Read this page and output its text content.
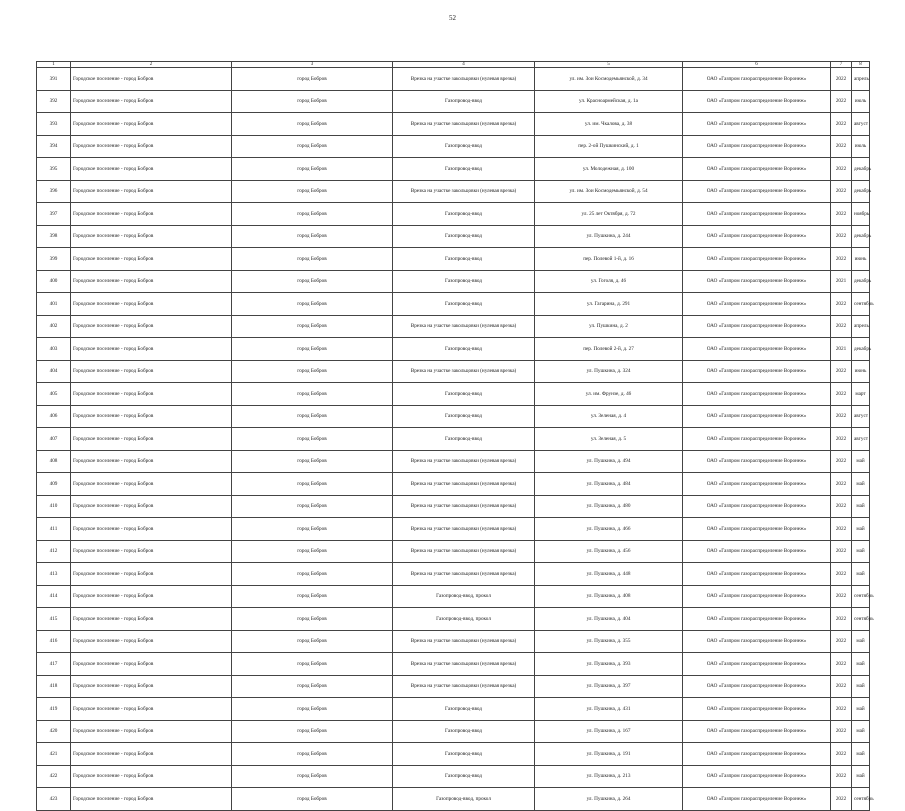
52
1	2	3	4	5	6	7	8
391	Городское поселение - город Бобров	город Бобров	Врезка на участке закольцовки (нулевая врезка)	ул. им. Зои Космодемьянской, д. 34	ОАО «Газпром газораспределение Воронеж»	2022	апрель
392	Городское поселение - город Бобров	город Бобров	Газопровод-ввод	ул. Красноармейская, д. 1а	ОАО «Газпром газораспределение Воронеж»	2022	июль
393	Городское поселение - город Бобров	город Бобров	Врезка на участке закольцовки (нулевая врезка)	ул. им. Чкалова, д. 38	ОАО «Газпром газораспределение Воронеж»	2022	август
394	Городское поселение - город Бобров	город Бобров	Газопровод-ввод	пер. 2-ой Пушкинский, д. 1	ОАО «Газпром газораспределение Воронеж»	2022	июль
395	Городское поселение - город Бобров	город Бобров	Газопровод-ввод	ул. Молодежная, д. 100	ОАО «Газпром газораспределение Воронеж»	2022	декабрь
396	Городское поселение - город Бобров	город Бобров	Врезка на участке закольцовки (нулевая врезка)	ул. им. Зои Космодемьянской, д. 54	ОАО «Газпром газораспределение Воронеж»	2022	декабрь
397	Городское поселение - город Бобров	город Бобров	Газопровод-ввод	ул. 25 лет Октября, д. 72	ОАО «Газпром газораспределение Воронеж»	2022	ноябрь
398	Городское поселение - город Бобров	город Бобров	Газопровод-ввод	ул. Пушкина, д. 244	ОАО «Газпром газораспределение Воронеж»	2022	декабрь
399	Городское поселение - город Бобров	город Бобров	Газопровод-ввод	пер. Полевой 1-й, д. 16	ОАО «Газпром газораспределение Воронеж»	2022	июнь
400	Городское поселение - город Бобров	город Бобров	Газопровод-ввод	ул. Гоголя, д. 46	ОАО «Газпром газораспределение Воронеж»	2021	декабрь
401	Городское поселение - город Бобров	город Бобров	Газопровод-ввод	ул. Гагарина, д. 291	ОАО «Газпром газораспределение Воронеж»	2022	сентябрь
402	Городское поселение - город Бобров	город Бобров	Врезка на участке закольцовки (нулевая врезка)	ул. Пушкина, д. 2	ОАО «Газпром газораспределение Воронеж»	2022	апрель
403	Городское поселение - город Бобров	город Бобров	Газопровод-ввод	пер. Полевой 2-й, д. 27	ОАО «Газпром газораспределение Воронеж»	2021	декабрь
404	Городское поселение - город Бобров	город Бобров	Врезка на участке закольцовки (нулевая врезка)	ул. Пушкина, д. 324	ОАО «Газпром газораспределение Воронеж»	2022	июнь
405	Городское поселение - город Бобров	город Бобров	Газопровод-ввод	ул. им. Фрунзе, д. 46	ОАО «Газпром газораспределение Воронеж»	2022	март
406	Городское поселение - город Бобров	город Бобров	Газопровод-ввод	ул. Зеленая, д. 4	ОАО «Газпром газораспределение Воронеж»	2022	август
407	Городское поселение - город Бобров	город Бобров	Газопровод-ввод	ул. Зеленая, д. 5	ОАО «Газпром газораспределение Воронеж»	2022	август
408	Городское поселение - город Бобров	город Бобров	Врезка на участке закольцовки (нулевая врезка)	ул. Пушкина, д. 494	ОАО «Газпром газораспределение Воронеж»	2022	май
409	Городское поселение - город Бобров	город Бобров	Врезка на участке закольцовки (нулевая врезка)	ул. Пушкина, д. 484	ОАО «Газпром газораспределение Воронеж»	2022	май
410	Городское поселение - город Бобров	город Бобров	Врезка на участке закольцовки (нулевая врезка)	ул. Пушкина, д. 480	ОАО «Газпром газораспределение Воронеж»	2022	май
411	Городское поселение - город Бобров	город Бобров	Врезка на участке закольцовки (нулевая врезка)	ул. Пушкина, д. 466	ОАО «Газпром газораспределение Воронеж»	2022	май
412	Городское поселение - город Бобров	город Бобров	Врезка на участке закольцовки (нулевая врезка)	ул. Пушкина, д. 456	ОАО «Газпром газораспределение Воронеж»	2022	май
413	Городское поселение - город Бобров	город Бобров	Врезка на участке закольцовки (нулевая врезка)	ул. Пушкина, д. 448	ОАО «Газпром газораспределение Воронеж»	2022	май
414	Городское поселение - город Бобров	город Бобров	Газопровод-ввод, прокол	ул. Пушкина, д. 408	ОАО «Газпром газораспределение Воронеж»	2022	сентябрь
415	Городское поселение - город Бобров	город Бобров	Газопровод-ввод, прокол	ул. Пушкина, д. 404	ОАО «Газпром газораспределение Воронеж»	2022	сентябрь
416	Городское поселение - город Бобров	город Бобров	Врезка на участке закольцовки (нулевая врезка)	ул. Пушкина, д. 355	ОАО «Газпром газораспределение Воронеж»	2022	май
417	Городское поселение - город Бобров	город Бобров	Врезка на участке закольцовки (нулевая врезка)	ул. Пушкина, д. 393	ОАО «Газпром газораспределение Воронеж»	2022	май
418	Городское поселение - город Бобров	город Бобров	Врезка на участке закольцовки (нулевая врезка)	ул. Пушкина, д. 397	ОАО «Газпром газораспределение Воронеж»	2022	май
419	Городское поселение - город Бобров	город Бобров	Газопровод-ввод	ул. Пушкина, д. 431	ОАО «Газпром газораспределение Воронеж»	2022	май
420	Городское поселение - город Бобров	город Бобров	Газопровод-ввод	ул. Пушкина, д. 167	ОАО «Газпром газораспределение Воронеж»	2022	май
421	Городское поселение - город Бобров	город Бобров	Газопровод-ввод	ул. Пушкина, д. 191	ОАО «Газпром газораспределение Воронеж»	2022	май
422	Городское поселение - город Бобров	город Бобров	Газопровод-ввод	ул. Пушкина, д. 213	ОАО «Газпром газораспределение Воронеж»	2022	май
423	Городское поселение - город Бобров	город Бобров	Газопровод-ввод, прокол	ул. Пушкина, д. 264	ОАО «Газпром газораспределение Воронеж»	2022	сентябрь
